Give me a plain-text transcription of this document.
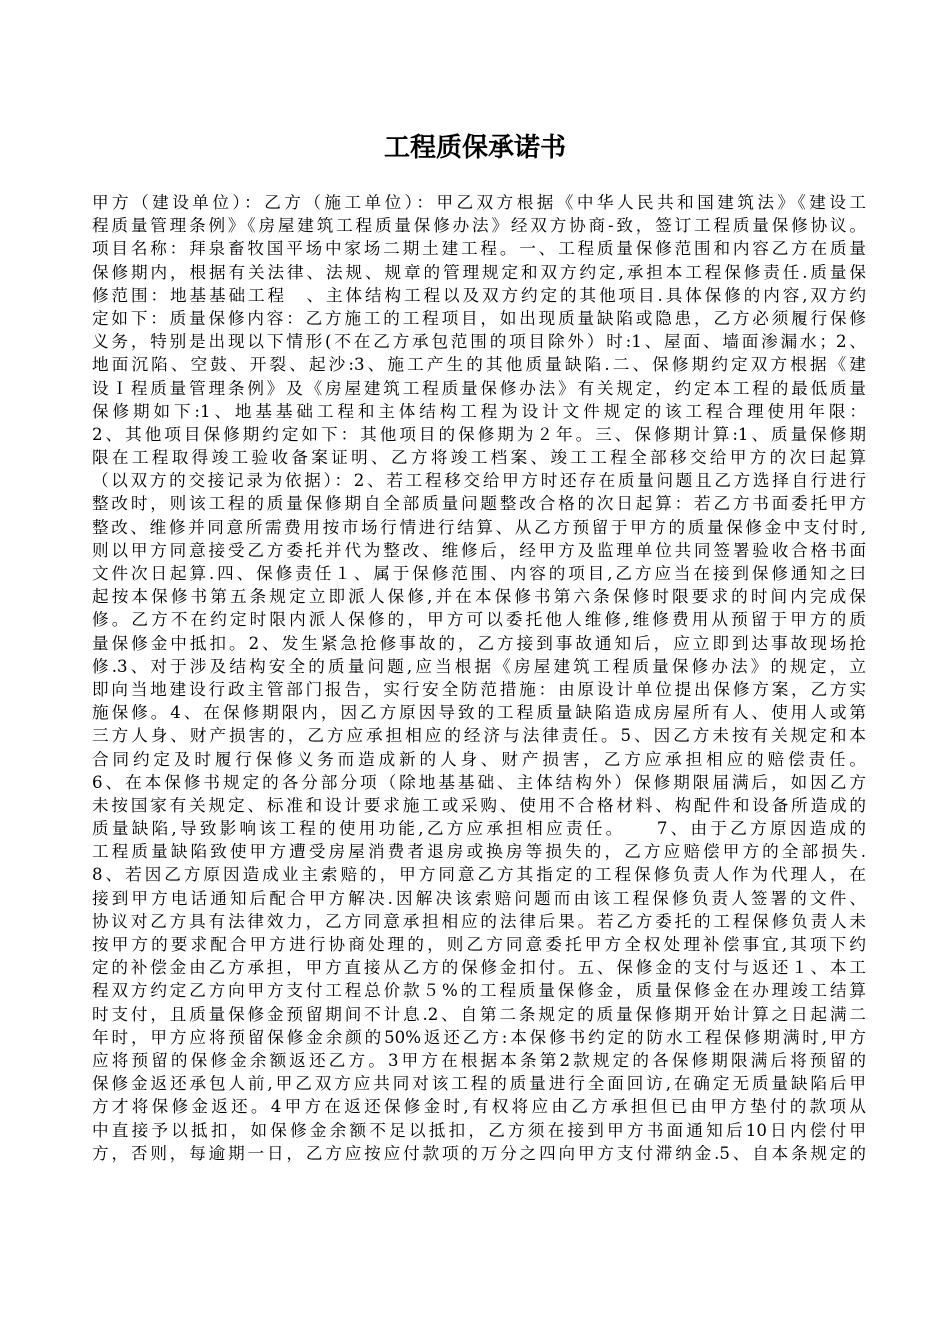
工程质保承诺书
甲方（建设单位）：乙方（施工单位）：甲乙双方根据《中华人民共和国建筑法》《建设工
程质量管理条例》《房屋建筑工程质量保修办法》经双方协商-致，签订工程质量保修协议。
项目名称：拜泉畜牧国平场中家场二期土建工程。一、工程质量保修范围和内容乙方在质量
保修期内，根据有关法律、法规、规章的管理规定和双方约定,承担本工程保修责任.质量保
修范围：地基基础工程　、主体结构工程以及双方约定的其他项目.具体保修的内容,双方约
定如下：质量保修内容：乙方施工的工程项目，如出现质量缺陷或隐患，乙方必须履行保修
义务，特别是出现以下情形(不在乙方承包范围的项目除外）时:1、屋面、墙面渗漏水；2、
地面沉陷、空鼓、开裂、起沙:3、施工产生的其他质量缺陷.二、保修期约定双方根据《建
设Ｉ程质量管理条例》及《房屋建筑工程质量保修办法》有关规定，约定本工程的最低质量
保修期如下:1、地基基础工程和主体结构工程为设计文件规定的该工程合理使用年限：
2、其他项目保修期约定如下：其他项目的保修期为２年。三、保修期计算:1、质量保修期
限在工程取得竣工验收备案证明、乙方将竣工档案、竣工工程全部移交给甲方的次曰起算
（以双方的交接记录为依据）：2、若工程移交给甲方时还存在质量问题且乙方选择自行进行
整改时，则该工程的质量保修期自全部质量问题整改合格的次日起算：若乙方书面委托甲方
整改、维修并同意所需费用按市场行情进行结算、从乙方预留于甲方的质量保修金中支付时,
则以甲方同意接受乙方委托并代为整改、维修后，经甲方及监理单位共同签署验收合格书面
文件次日起算.四、保修责任１、属于保修范围、内容的项目,乙方应当在接到保修通知之曰
起按本保修书第五条规定立即派人保修,并在本保修书第六条保修时限要求的时间内完成保
修。乙方不在约定时限内派人保修的，甲方可以委托他人维修,维修费用从预留于甲方的质
量保修金中抵扣。2、发生紧急抢修事故的，乙方接到事故通知后，应立即到达事故现场抢
修.3、对于涉及结构安全的质量问题,应当根据《房屋建筑工程质量保修办法》的规定，立
即向当地建设行政主管部门报告，实行安全防范措施：由原设计单位提出保修方案，乙方实
施保修。4、在保修期限内，因乙方原因导致的工程质量缺陷造成房屋所有人、使用人或第
三方人身、财产损害的，乙方应承担相应的经济与法律责任。5、因乙方未按有关规定和本
合同约定及时履行保修义务而造成新的人身、财产损害，乙方应承担相应的赔偿责任。
6、在本保修书规定的各分部分项（除地基基础、主体结构外）保修期限届满后，如因乙方
未按国家有关规定、标准和设计要求施工或采购、使用不合格材料、构配件和设备所造成的
质量缺陷,导致影响该工程的使用功能,乙方应承担相应责任。　　7、由于乙方原因造成的
工程质量缺陷致使甲方遭受房屋消费者退房或换房等损失的，乙方应赔偿甲方的全部损失.
8、若因乙方原因造成业主索赔的，甲方同意乙方其指定的工程保修负责人作为代理人，在
接到甲方电话通知后配合甲方解决.因解决该索赔问题而由该工程保修负责人签署的文件、
协议对乙方具有法律效力，乙方同意承担相应的法律后果。若乙方委托的工程保修负责人未
按甲方的要求配合甲方进行协商处理的，则乙方同意委托甲方全权处理补偿事宜,其项下约
定的补偿金由乙方承担，甲方直接从乙方的保修金扣付。五、保修金的支付与返还１、本工
程双方约定乙方向甲方支付工程总价款５%的工程质量保修金，质量保修金在办理竣工结算
时支付，且质量保修金预留期间不计息.2、自第二条规定的质量保修期开始计算之日起满二
年时，甲方应将预留保修金余颜的50%返还乙方:本保修书约定的防水工程保修期满时,甲方
应将预留的保修金余额返还乙方。3甲方在根据本条第2款规定的各保修期限满后将预留的
保修金返还承包人前,甲乙双方应共同对该工程的质量进行全面回访,在确定无质量缺陷后甲
方才将保修金返还。4甲方在返还保修金时,有权将应由乙方承担但已由甲方垫付的款项从
中直接予以抵扣，如保修金余额不足以抵扣，乙方须在接到甲方书面通知后10日内偿付甲
方，否则，每逾期一日，乙方应按应付款项的万分之四向甲方支付滞纳金.5、自本条规定的
